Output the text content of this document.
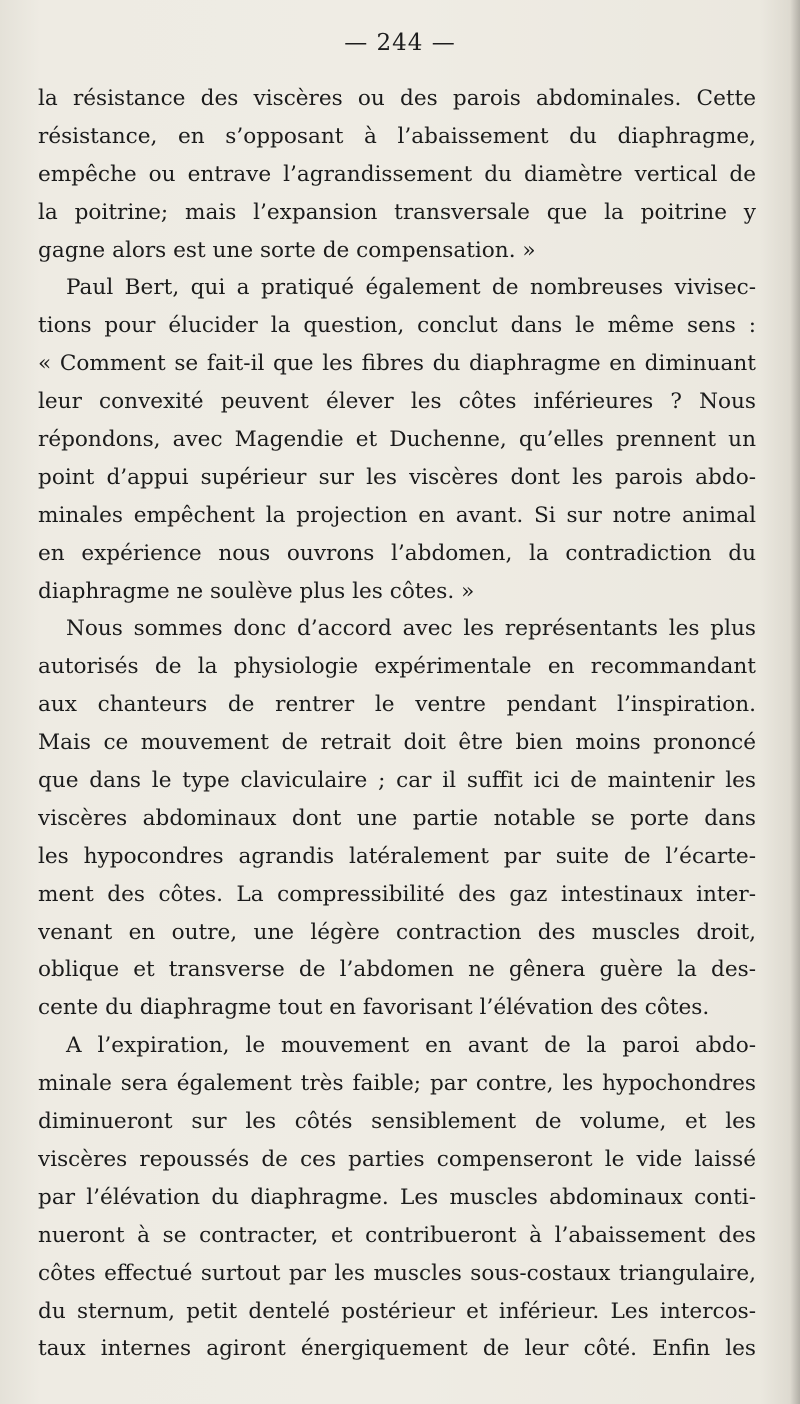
— 244 —
la résistance des viscères ou des parois abdominales. Cette
résistance, en s’opposant à l’abaissement du diaphragme,
empêche ou entrave l’agrandissement du diamètre vertical de
la poitrine; mais l’expansion transversale que la poitrine y
gagne alors est une sorte de compensation. »
Paul Bert, qui a pratiqué également de nombreuses vivisec-
tions pour élucider la question, conclut dans le même sens :
« Comment se fait-il que les fibres du diaphragme en diminuant
leur convexité peuvent élever les côtes inférieures ? Nous
répondons, avec Magendie et Duchenne, qu’elles prennent un
point d’appui supérieur sur les viscères dont les parois abdo-
minales empêchent la projection en avant. Si sur notre animal
en expérience nous ouvrons l’abdomen, la contradiction du
diaphragme ne soulève plus les côtes. »
Nous sommes donc d’accord avec les représentants les plus
autorisés de la physiologie expérimentale en recommandant
aux chanteurs de rentrer le ventre pendant l’inspiration.
Mais ce mouvement de retrait doit être bien moins prononcé
que dans le type claviculaire ; car il suffit ici de maintenir les
viscères abdominaux dont une partie notable se porte dans
les hypocondres agrandis latéralement par suite de l’écarte-
ment des côtes. La compressibilité des gaz intestinaux inter-
venant en outre, une légère contraction des muscles droit,
oblique et transverse de l’abdomen ne gênera guère la des-
cente du diaphragme tout en favorisant l’élévation des côtes.
A l’expiration, le mouvement en avant de la paroi abdo-
minale sera également très faible; par contre, les hypochondres
diminueront sur les côtés sensiblement de volume, et les
viscères repoussés de ces parties compenseront le vide laissé
par l’élévation du diaphragme. Les muscles abdominaux conti-
nueront à se contracter, et contribueront à l’abaissement des
côtes effectué surtout par les muscles sous-costaux triangulaire,
du sternum, petit dentelé postérieur et inférieur. Les intercos-
taux internes agiront énergiquement de leur côté. Enfin les
